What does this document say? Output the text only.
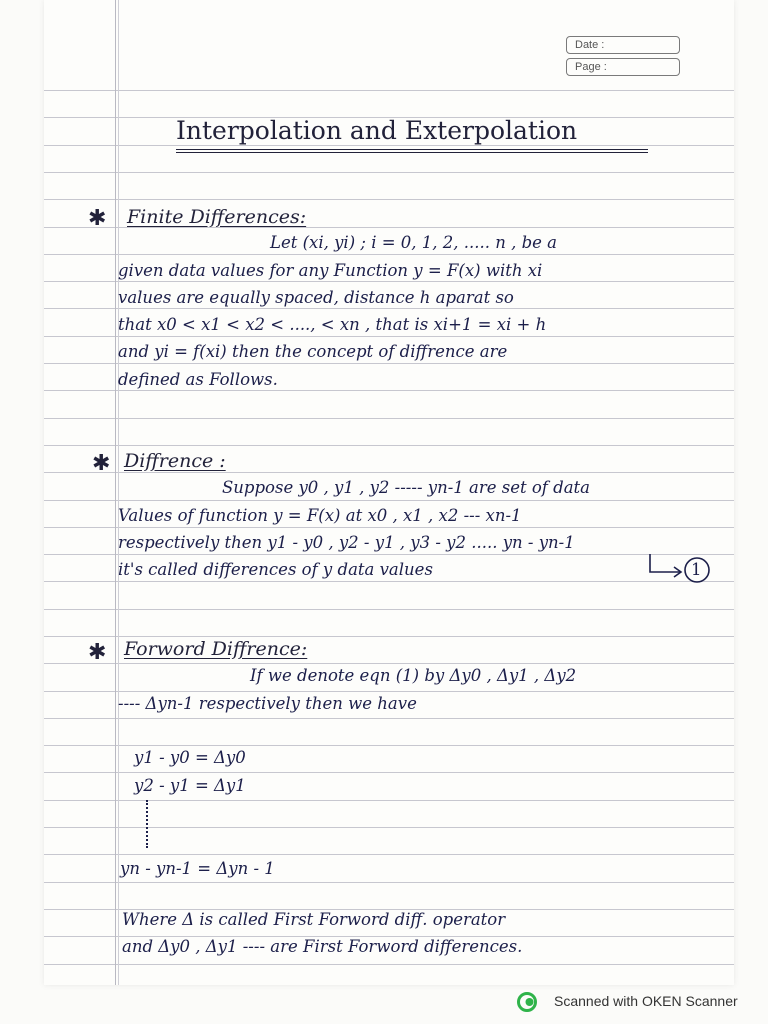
Date :
Page :
Interpolation and Exterpolation
✱ Finite Differences:
Let (xi, yi) ; i = 0, 1, 2, ..... n , be a
given data values for any Function y = F(x) with xi
values are equally spaced, distance h aparat so
that x0 < x1 < x2 < ...., < xn , that is xi+1 = xi + h
and yi = f(xi) then the concept of diffrence are
defined as Follows.
✱ Diffrence :
Suppose y0 , y1 , y2 ----- yn-1 are set of data
Values of function y = F(x) at x0 , x1 , x2 --- xn-1
respectively then y1 - y0 , y2 - y1 , y3 - y2 ..... yn - yn-1
it's called differences of y data values	1
✱ Forword Diffrence:
If we denote eqn (1) by Δy0 , Δy1 , Δy2
---- Δyn-1 respectively then we have
y1 - y0 = Δy0
y2 - y1 = Δy1
yn - yn-1 = Δyn - 1
Where Δ is called First Forword diff. operator
and Δy0 , Δy1 ---- are First Forword differences.
Scanned with OKEN Scanner
